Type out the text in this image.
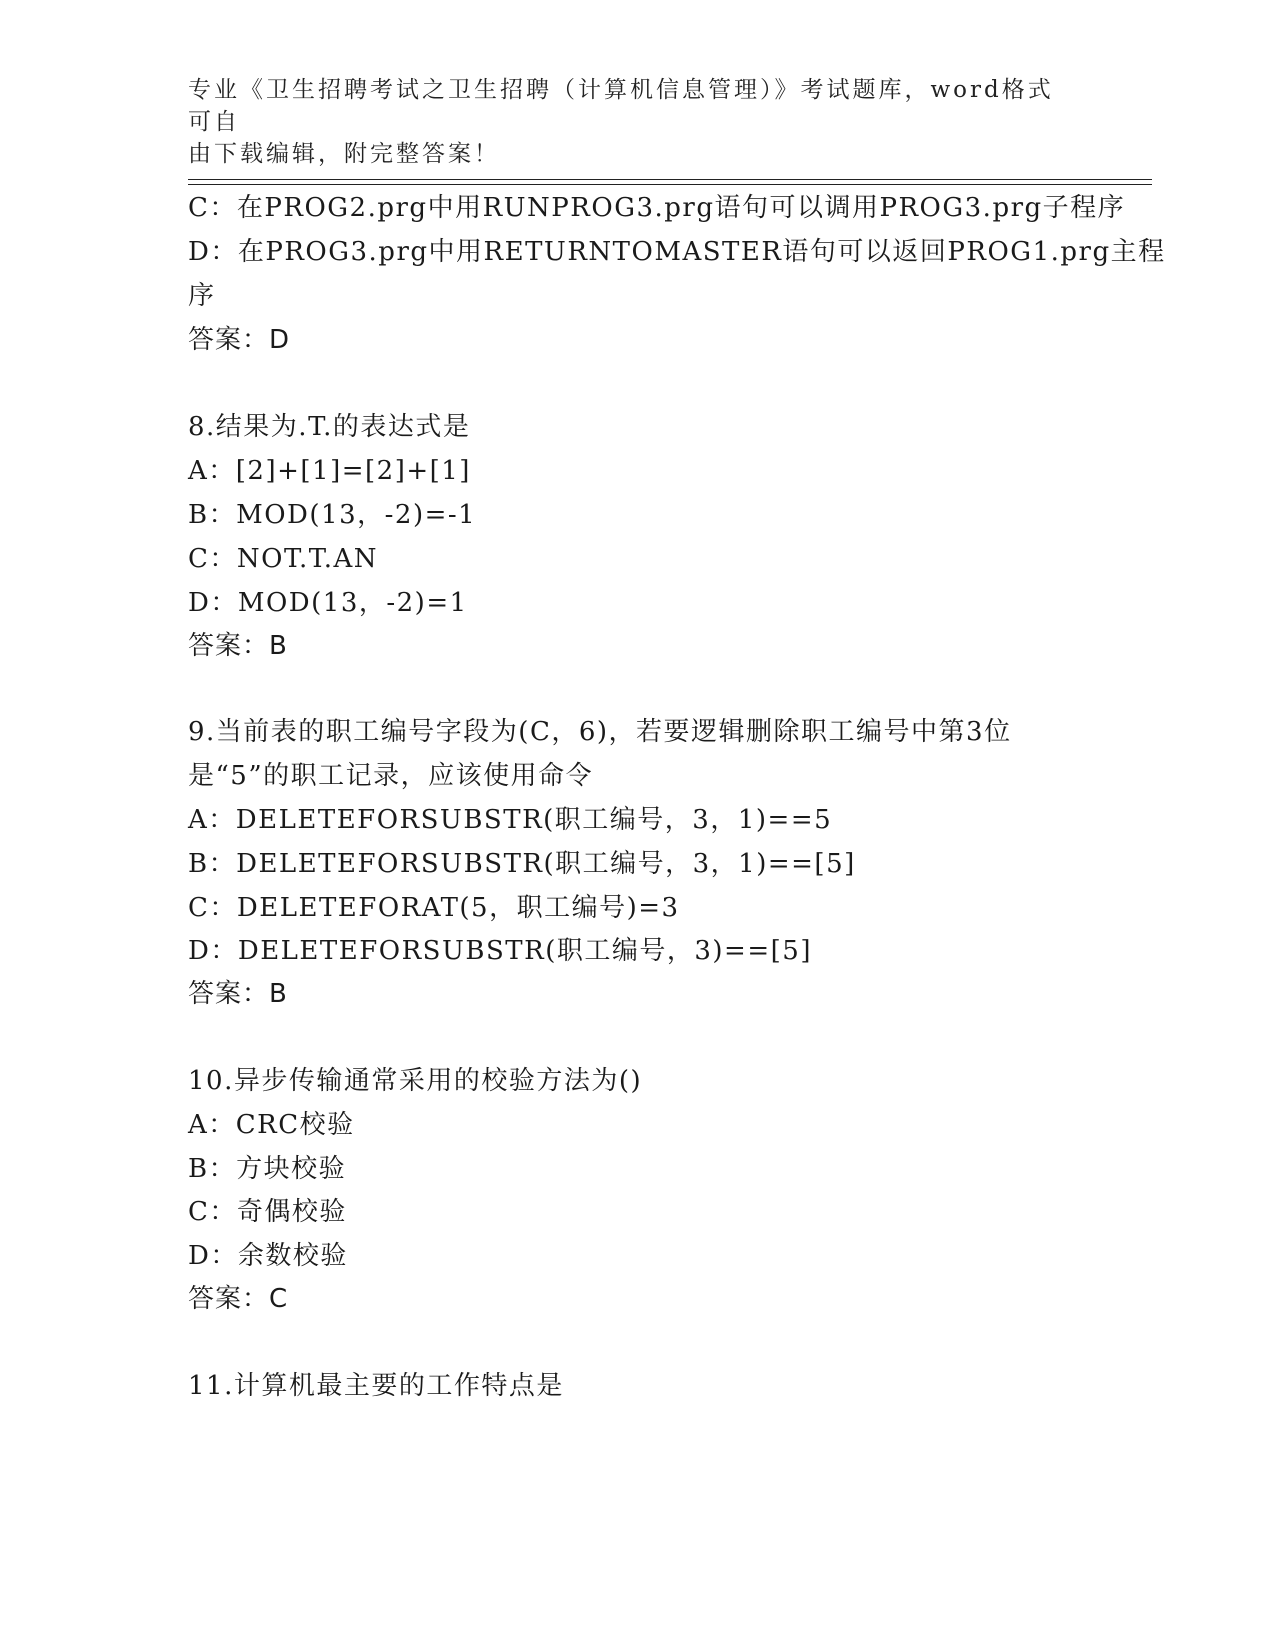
专业《卫生招聘考试之卫生招聘（计算机信息管理）》考试题库，word格式可自
由下载编辑，附完整答案！
C：在PROG2.prg中用RUNPROG3.prg语句可以调用PROG3.prg子程序
D：在PROG3.prg中用RETURNTOMASTER语句可以返回PROG1.prg主程
序
答案：D
8.结果为.T.的表达式是
A：[2]+[1]=[2]+[1]
B：MOD(13，-2)=-1
C：NOT.T.AN
D：MOD(13，-2)=1
答案：B
9.当前表的职工编号字段为(C，6)，若要逻辑删除职工编号中第3位
是“5”的职工记录，应该使用命令
A：DELETEFORSUBSTR(职工编号，3，1)==5
B：DELETEFORSUBSTR(职工编号，3，1)==[5]
C：DELETEFORAT(5，职工编号)=3
D：DELETEFORSUBSTR(职工编号，3)==[5]
答案：B
10.异步传输通常采用的校验方法为()
A：CRC校验
B：方块校验
C：奇偶校验
D：余数校验
答案：C
11.计算机最主要的工作特点是
